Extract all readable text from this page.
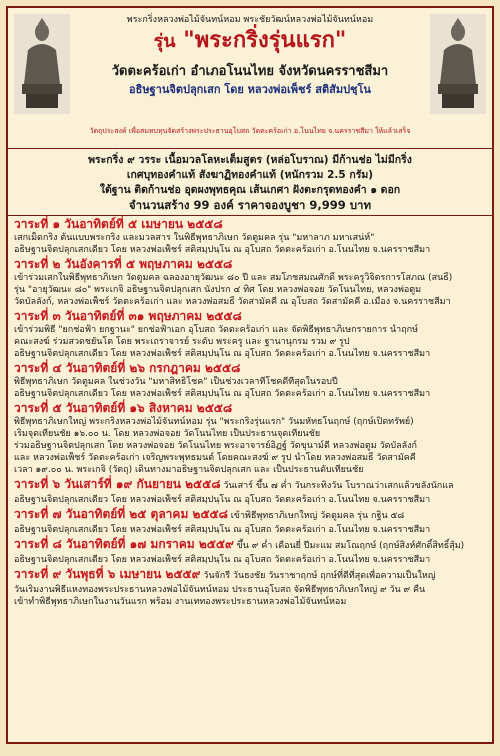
พระกริ่งหลวงพ่อไม้จันทน์หอม พระชัยวัฒน์หลวงพ่อไม้จันทน์หอม
รุ่น "พระกริ่งรุ่นแรก"
วัดตะคร้อเก่า อำเภอโนนไทย จังหวัดนครราชสีมา
อธิษฐานจิตปลุกเสก โดย หลวงพ่อเพ็ชร์ สติสัมปชฺโน
วัตถุประสงค์ เพื่อสมทบทุนจัดสร้างพระประธานอุโบสถ วัดตะคร้อเก่า อ.โนนไทย จ.นครราชสีมา ให้แล้วเสร็จ
พระกริ่ง ๙ วรระ เนื้อมวลโลหะเต็มสูตร (หล่อโบราณ) มีก้านช่อ ไม่มีกริ่ง
เกศบุทองคำแท้ สังฆาฏิทองคำแท้ (หนักรวม 2.5 กรัม)
ใต้ฐาน ติดก้านช่อ อุดผงพุทธคุณ เส้นเกศา ฝังตะกรุดทองคำ ๑ ดอก
จำนวนสร้าง 99 องค์ ราคาจองบูชา 9,999 บาท
วาระที่ ๑ วันอาทิตย์ที่ ๕ เมษายน ๒๕๕๘
เสกเม็ดกริ่ง ต้นแบบพระกริ่ง และมวลสาร ในพิธีพุทธาภิเษก วัดตูมคล รุ่น "มหาลาภ มหาเสน่ห์"
อธิษฐานจิตปลุกเสกเดี่ยว โดย หลวงพ่อเพ็ชร์ สติสมฺปนฺโน ณ อุโบสถ วัดตะคร้อเก่า อ.โนนไทย จ.นครราชสีมา
วาระที่ ๒ วันอังคารที่ ๕ พฤษภาคม ๒๕๕๘
เข้าร่วมเสกในพิธีพุทธาภิเษก วัดตูมคล ฉลองอายุวัฒนะ ๘๐ ปี และ สมโภชสมณศักดิ์ พระครูวิจิตรการโสภณ (สนธิ์)
รุ่น "อายุวัฒนะ ๘๐" พระเกจิ อธิษฐานจิตปลุกเสก นั่งปรก ๔ ทิศ โดย หลวงพ่อจอย วัดโนนไทย, หลวงพ่อตูม
วัดบัลลังก์, หลวงพ่อเพ็ชร์ วัดตะคร้อเก่า และ หลวงพ่อสมธิ์ วัดสามัคคี ณ อุโบสถ วัดสามัคคี อ.เมือง จ.นครราชสีมา
วาระที่ ๓ วันอาทิตย์ที่ ๓๑ พฤษภาคม ๒๕๕๘
เข้าร่วมพิธี "ยกช่อฟ้า ยกฐานะ" ยกช่อฟ้าเอก อุโบสถ วัดตะคร้อเก่า และ จัดพิธีพุทธาภิเษกรายการ นำฤกษ์
คณะสงฆ์ ร่วมสวดชยันโต โดย พระเถราจารย์ ระดับ พระครู และ ฐานานุกรม รวม ๙ รูป
อธิษฐานจิตปลุกเสกเดี่ยว โดย หลวงพ่อเพ็ชร์ สติสมฺปนฺโน ณ อุโบสถ วัดตะคร้อเก่า อ.โนนไทย จ.นครราชสีมา
วาระที่ ๔ วันอาทิตย์ที่ ๒๖ กรกฎาคม ๒๕๕๘
พิธีพุทธาภิเษก วัดตูมคล ในช่วงวัน "มหาสิทธิโชค" เป็นช่วงเวลาที่โชคดีที่สุดในรอบปี
อธิษฐานจิตปลุกเสกเดี่ยว โดย หลวงพ่อเพ็ชร์ สติสมฺปนฺโน ณ อุโบสถ วัดตะคร้อเก่า อ.โนนไทย จ.นครราชสีมา
วาระที่ ๕ วันอาทิตย์ที่ ๑๖ สิงหาคม ๒๕๕๘
พิธีพุทธาภิเษกใหญ่ พระกริ่งหลวงพ่อไม้จันทน์หอม รุ่น "พระกริ่งรุ่นแรก" วันมหัทธโนฤกษ์ (ฤกษ์เปิดทรัพย์)
เริ่มจุดเทียนชัย ๑๖.๐๐ น. โดย หลวงพ่อจอย วัดโนนไทย เป็นประธานจุดเทียนชัย
ร่วมอธิษฐานจิตปลุกเสก โดย หลวงพ่อจอย วัดโนนไทย พระอาจารย์อิฏฐ์ วัดขุนาม์ดี หลวงพ่อตูม วัดบัลลังก์
และ หลวงพ่อเพ็ชร์ วัดตะคร้อเก่า เจริญพระพุทธมนต์ โดยคณะสงฆ์ ๙ รูป นำโดย หลวงพ่อสมธิ์ วัดสามัคคี
เวลา ๑๙.๐๐ น. พระเกจิ (วัตถุ) เดินทางมาอธิษฐานจิตปลุกเสก และ เป็นประธานดับเทียนชัย
วาระที่ ๖ วันเสาร์ที่ ๑๙ กันยายน ๒๕๕๘ วันเสาร์ ขึ้น ๗ ค่ำ วันกระทิงวัน โบราณว่าเสกแล้วขลังนักแล
อธิษฐานจิตปลุกเสกเดี่ยว โดย หลวงพ่อเพ็ชร์ สติสมฺปนฺโน ณ อุโบสถ วัดตะคร้อเก่า อ.โนนไทย จ.นครราชสีมา
วาระที่ ๗ วันอาทิตย์ที่ ๒๕ ตุลาคม ๒๕๕๘ เข้าพิธีพุทธาภิเษกใหญ่ วัดตูมคล รุ่น กฐิน ๕๘
อธิษฐานจิตปลุกเสกเดี่ยว โดย หลวงพ่อเพ็ชร์ สติสมฺปนฺโน ณ อุโบสถ วัดตะคร้อเก่า อ.โนนไทย จ.นครราชสีมา
วาระที่ ๘ วันอาทิตย์ที่ ๑๗ มกราคม ๒๕๕๙ ขึ้น ๙ ค่ำ เดือนยี่ ปีมะแม สมโณฤกษ์ (ฤกษ์สิงห์ศักดิ์สิทธิ์สุ้ม)
อธิษฐานจิตปลุกเสกเดี่ยว โดย หลวงพ่อเพ็ชร์ สติสมฺปนฺโน ณ อุโบสถ วัดตะคร้อเก่า อ.โนนไทย จ.นครราชสีมา
วาระที่ ๙ วันพุธที่ ๖ เมษายน ๒๕๕๙ วันจักรี วันธงชัย วันราชาฤกษ์ ฤกษ์ที่ดีที่สุดเพื่อความเป็นใหญ่
วันเริ่มงานพิธีแหงทองพระประธานหลวงพ่อไม้จันทน์หอม ประธานอุโบสถ จัดพิธีพุทธาภิเษกใหญ่ ๙ วัน ๙ คืน
เข้าทำพิธีพุทธาภิเษกในงานวันแรก พร้อม งานเททองพระประธานหลวงพ่อไม้จันทน์หอม
